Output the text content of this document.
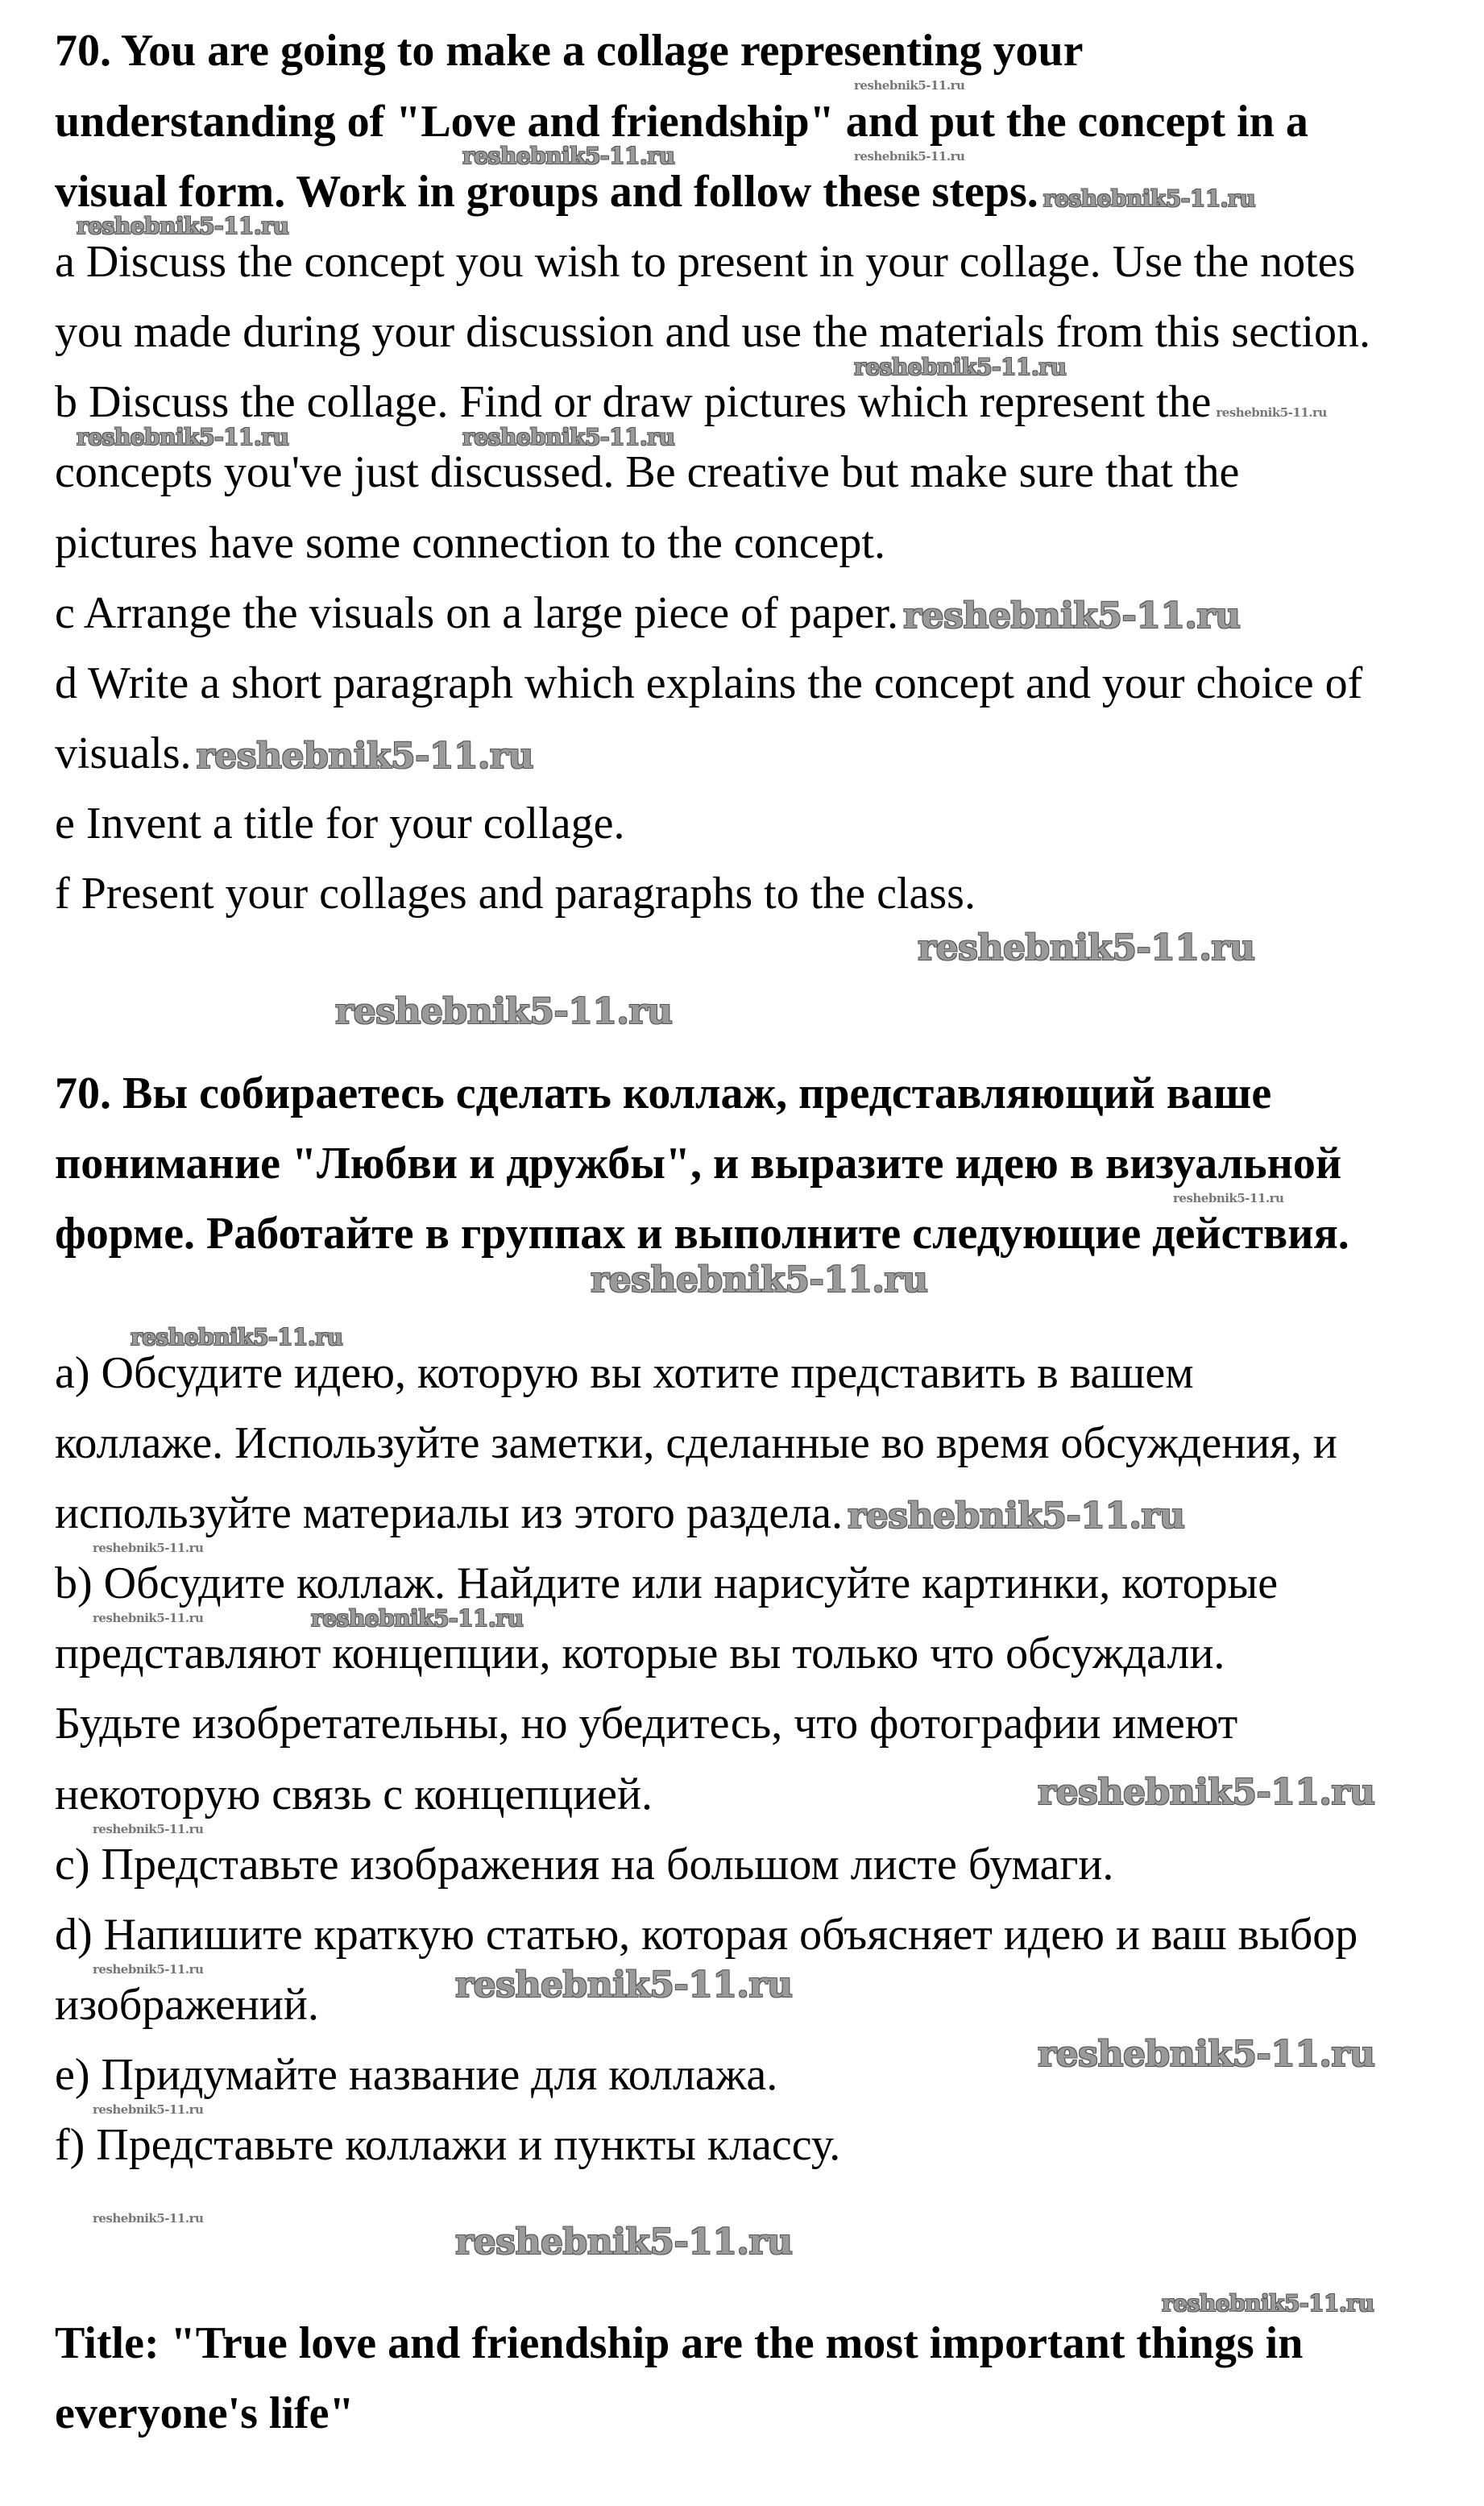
70. You are going to make a collage representing your
understanding of "Love and friendship" and put the concept in a
visual form. Work in groups and follow these steps. reshebnik5-11.ru
a Discuss the concept you wish to present in your collage. Use the notes
you made during your discussion and use the materials from this section.
b Discuss the collage. Find or draw pictures which represent the reshebnik5-11.ru
concepts you've just discussed. Be creative but make sure that the
pictures have some connection to the concept.
c Arrange the visuals on a large piece of paper. reshebnik5-11.ru
d Write a short paragraph which explains the concept and your choice of
visuals. reshebnik5-11.ru
e Invent a title for your collage.
f Present your collages and paragraphs to the class.
70. Вы собираетесь сделать коллаж, представляющий ваше
понимание "Любви и дружбы", и выразите идею в визуальной
форме. Работайте в группах и выполните следующие действия.
a) Обсудите идею, которую вы хотите представить в вашем
коллаже. Используйте заметки, сделанные во время обсуждения, и
используйте материалы из этого раздела. reshebnik5-11.ru
b) Обсудите коллаж. Найдите или нарисуйте картинки, которые
представляют концепции, которые вы только что обсуждали.
Будьте изобретательны, но убедитесь, что фотографии имеют
некоторую связь с концепцией.
c) Представьте изображения на большом листе бумаги.
d) Напишите краткую статью, которая объясняет идею и ваш выбор
изображений.
e) Придумайте название для коллажа.
f) Представьте коллажи и пункты классу.
Title: "True love and friendship are the most important things in
everyone's life"
reshebnik5-11.ru
reshebnik5-11.ru
reshebnik5-11.ru
reshebnik5-11.ru
reshebnik5-11.ru
reshebnik5-11.ru	reshebnik5-11.ru
reshebnik5-11.ru
reshebnik5-11.ru
reshebnik5-11.ru
reshebnik5-11.ru
reshebnik5-11.ru
reshebnik5-11.ru
reshebnik5-11.ru
reshebnik5-11.ru
reshebnik5-11.ru
reshebnik5-11.ru
reshebnik5-11.ru	reshebnik5-11.ru
reshebnik5-11.ru
reshebnik5-11.ru
reshebnik5-11.ru
reshebnik5-11.ru
reshebnik5-11.ru
